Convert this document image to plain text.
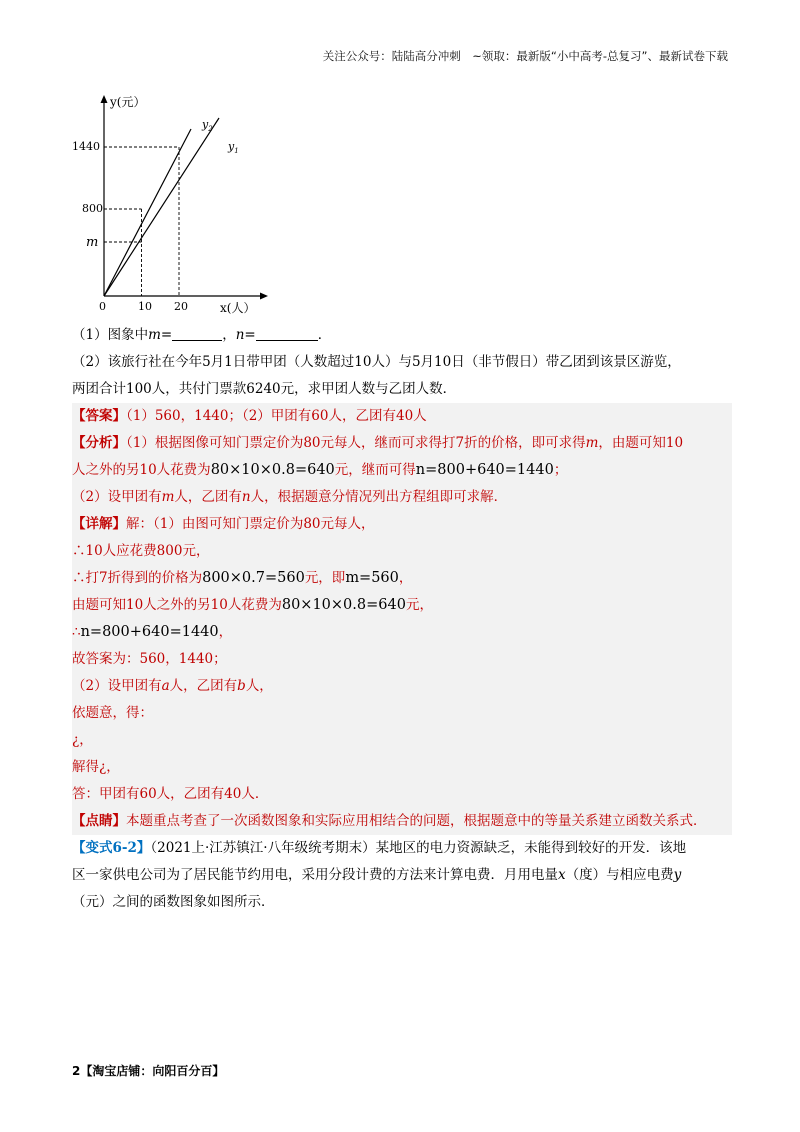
关注公众号：陆陆高分冲刺　~领取：最新版“小中高考-总复习”、最新试卷下载
y(元）
x(人）
0	10 20
1440
800
m
$y_2$
$y_1$
（1）图象中m=	，n=	．
（2）该旅行社在今年5月1日带甲团（人数超过10人）与5月10日（非节假日）带乙团到该景区游览，
两团合计100人，共付门票款6240元，求甲团人数与乙团人数．
【答案】（1）560，1440；（2）甲团有60人，乙团有40人
【分析】（1）根据图像可知门票定价为80元每人，继而可求得打7折的价格，即可求得m，由题可知10
人之外的另10人花费为80×10×0.8=640元，继而可得n=800+640=1440；
（2）设甲团有m人，乙团有n人，根据题意分情况列出方程组即可求解．
【详解】解：（1）由图可知门票定价为80元每人，
∴10人应花费800元，
∴打7折得到的价格为800×0.7=560元，即m=560，
由题可知10人之外的另10人花费为80×10×0.8=640元，
∴n=800+640=1440，
故答案为：560，1440；
（2）设甲团有a人，乙团有b人，
依题意，得：
¿，
解得¿，
答：甲团有60人，乙团有40人．
【点睛】本题重点考查了一次函数图象和实际应用相结合的问题，根据题意中的等量关系建立函数关系式．
【变式6-2】（2021上·江苏镇江·八年级统考期末）某地区的电力资源缺乏，未能得到较好的开发．该地
区一家供电公司为了居民能节约用电，采用分段计费的方法来计算电费．月用电量x（度）与相应电费y
（元）之间的函数图象如图所示．
2【淘宝店铺：向阳百分百】
